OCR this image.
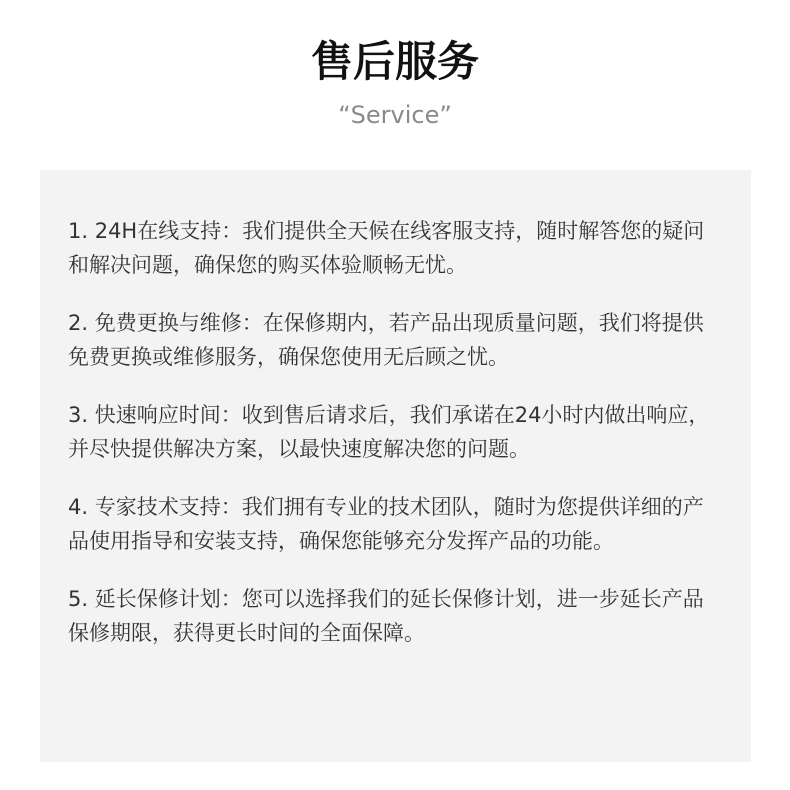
售后服务
“Service”

1. 24H在线支持：我们提供全天候在线客服支持，随时解答您的疑问和解决问题，确保您的购买体验顺畅无忧。

2. 免费更换与维修：在保修期内，若产品出现质量问题，我们将提供免费更换或维修服务，确保您使用无后顾之忧。

3. 快速响应时间：收到售后请求后，我们承诺在24小时内做出响应，并尽快提供解决方案，以最快速度解决您的问题。

4. 专家技术支持：我们拥有专业的技术团队，随时为您提供详细的产品使用指导和安装支持，确保您能够充分发挥产品的功能。

5. 延长保修计划：您可以选择我们的延长保修计划，进一步延长产品保修期限，获得更长时间的全面保障。
